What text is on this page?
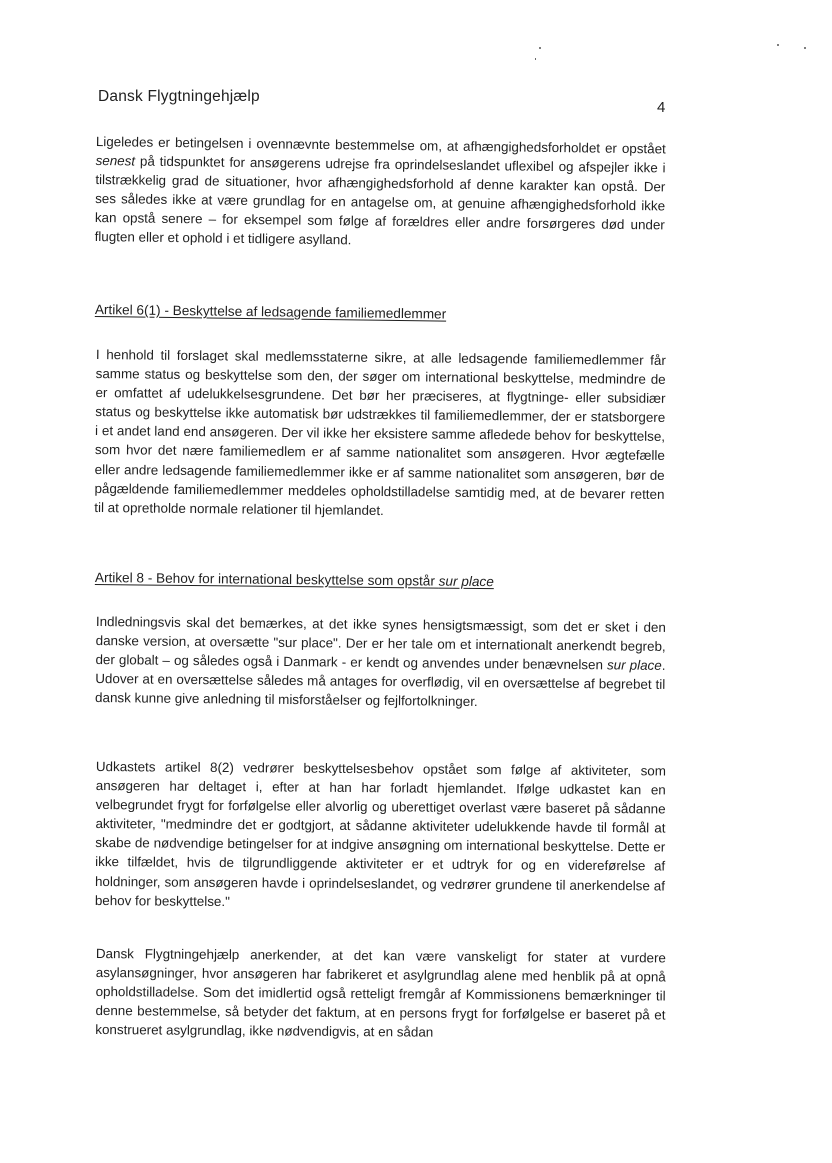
Dansk Flygtningehjælp
4
Ligeledes er betingelsen i ovennævnte bestemmelse om, at afhængighedsforholdet er opstået senest på tidspunktet for ansøgerens udrejse fra oprindelseslandet uflexibel og afspejler ikke i tilstrækkelig grad de situationer, hvor afhængighedsforhold af denne karakter kan opstå. Der ses således ikke at være grundlag for en antagelse om, at genuine afhængighedsforhold ikke kan opstå senere – for eksempel som følge af forældres eller andre forsørgeres død under flugten eller et ophold i et tidligere asylland.
Artikel 6(1) - Beskyttelse af ledsagende familiemedlemmer
I henhold til forslaget skal medlemsstaterne sikre, at alle ledsagende familiemedlemmer får samme status og beskyttelse som den, der søger om international beskyttelse, medmindre de er omfattet af udelukkelsesgrundene. Det bør her præciseres, at flygtninge- eller subsidiær status og beskyttelse ikke automatisk bør udstrækkes til familiemedlemmer, der er statsborgere i et andet land end ansøgeren. Der vil ikke her eksistere samme afledede behov for beskyttelse, som hvor det nære familiemedlem er af samme nationalitet som ansøgeren. Hvor ægtefælle eller andre ledsagende familiemedlemmer ikke er af samme nationalitet som ansøgeren, bør de pågældende familiemedlemmer meddeles opholdstilladelse samtidig med, at de bevarer retten til at opretholde normale relationer til hjemlandet.
Artikel 8 - Behov for international beskyttelse som opstår sur place
Indledningsvis skal det bemærkes, at det ikke synes hensigtsmæssigt, som det er sket i den danske version, at oversætte "sur place". Der er her tale om et internationalt anerkendt begreb, der globalt – og således også i Danmark - er kendt og anvendes under benævnelsen sur place. Udover at en oversættelse således må antages for overflødig, vil en oversættelse af begrebet til dansk kunne give anledning til misforståelser og fejlfortolkninger.
Udkastets artikel 8(2) vedrører beskyttelsesbehov opstået som følge af aktiviteter, som ansøgeren har deltaget i, efter at han har forladt hjemlandet. Ifølge udkastet kan en velbegrundet frygt for forfølgelse eller alvorlig og uberettiget overlast være baseret på sådanne aktiviteter, "medmindre det er godtgjort, at sådanne aktiviteter udelukkende havde til formål at skabe de nødvendige betingelser for at indgive ansøgning om international beskyttelse. Dette er ikke tilfældet, hvis de tilgrundliggende aktiviteter er et udtryk for og en videreførelse af holdninger, som ansøgeren havde i oprindelseslandet, og vedrører grundene til anerkendelse af behov for beskyttelse."
Dansk Flygtningehjælp anerkender, at det kan være vanskeligt for stater at vurdere asylansøgninger, hvor ansøgeren har fabrikeret et asylgrundlag alene med henblik på at opnå opholdstilladelse. Som det imidlertid også retteligt fremgår af Kommissionens bemærkninger til denne bestemmelse, så betyder det faktum, at en persons frygt for forfølgelse er baseret på et konstrueret asylgrundlag, ikke nødvendigvis, at en sådan
